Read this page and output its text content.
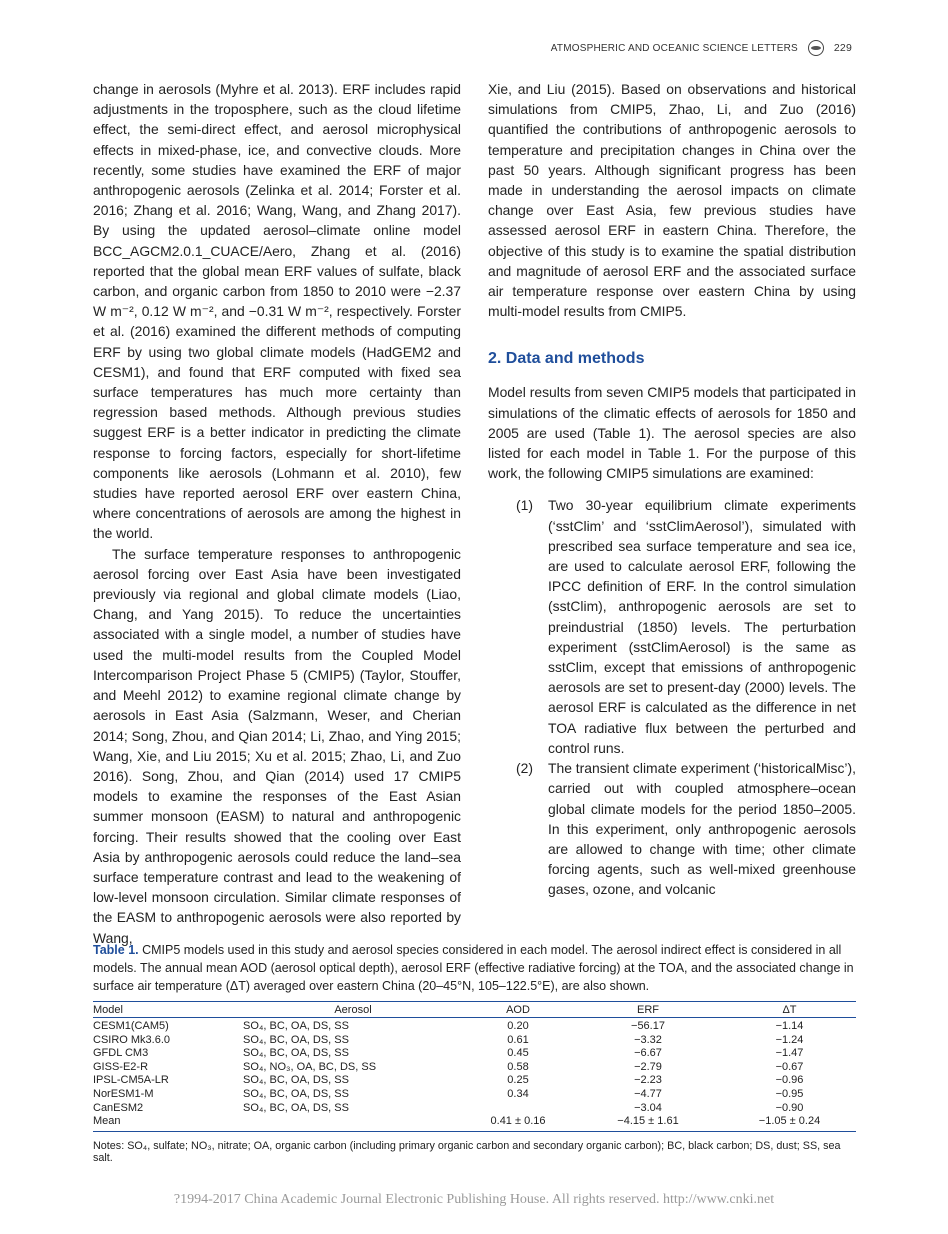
ATMOSPHERIC AND OCEANIC SCIENCE LETTERS	229

change in aerosols (Myhre et al. 2013). ERF includes rapid adjustments in the troposphere, such as the cloud lifetime effect, the semi-direct effect, and aerosol microphysical effects in mixed-phase, ice, and convective clouds. More recently, some studies have examined the ERF of major anthropogenic aerosols (Zelinka et al. 2014; Forster et al. 2016; Zhang et al. 2016; Wang, Wang, and Zhang 2017). By using the updated aerosol–climate online model BCC_AGCM2.0.1_CUACE/Aero, Zhang et al. (2016) reported that the global mean ERF values of sulfate, black carbon, and organic carbon from 1850 to 2010 were −2.37 W m⁻², 0.12 W m⁻², and −0.31 W m⁻², respectively. Forster et al. (2016) examined the different methods of computing ERF by using two global climate models (HadGEM2 and CESM1), and found that ERF computed with fixed sea surface temperatures has much more certainty than regression based methods. Although previous studies suggest ERF is a better indicator in predicting the climate response to forcing factors, especially for short-lifetime components like aerosols (Lohmann et al. 2010), few studies have reported aerosol ERF over eastern China, where concentrations of aerosols are among the highest in the world.

The surface temperature responses to anthropogenic aerosol forcing over East Asia have been investigated previously via regional and global climate models (Liao, Chang, and Yang 2015). To reduce the uncertainties associated with a single model, a number of studies have used the multi-model results from the Coupled Model Intercomparison Project Phase 5 (CMIP5) (Taylor, Stouffer, and Meehl 2012) to examine regional climate change by aerosols in East Asia (Salzmann, Weser, and Cherian 2014; Song, Zhou, and Qian 2014; Li, Zhao, and Ying 2015; Wang, Xie, and Liu 2015; Xu et al. 2015; Zhao, Li, and Zuo 2016). Song, Zhou, and Qian (2014) used 17 CMIP5 models to examine the responses of the East Asian summer monsoon (EASM) to natural and anthropogenic forcing. Their results showed that the cooling over East Asia by anthropogenic aerosols could reduce the land–sea surface temperature contrast and lead to the weakening of low-level monsoon circulation. Similar climate responses of the EASM to anthropogenic aerosols were also reported by Wang,

Xie, and Liu (2015). Based on observations and historical simulations from CMIP5, Zhao, Li, and Zuo (2016) quantified the contributions of anthropogenic aerosols to temperature and precipitation changes in China over the past 50 years. Although significant progress has been made in understanding the aerosol impacts on climate change over East Asia, few previous studies have assessed aerosol ERF in eastern China. Therefore, the objective of this study is to examine the spatial distribution and magnitude of aerosol ERF and the associated surface air temperature response over eastern China by using multi-model results from CMIP5.

2. Data and methods

Model results from seven CMIP5 models that participated in simulations of the climatic effects of aerosols for 1850 and 2005 are used (Table 1). The aerosol species are also listed for each model in Table 1. For the purpose of this work, the following CMIP5 simulations are examined:

(1) Two 30-year equilibrium climate experiments (‘sstClim’ and ‘sstClimAerosol’), simulated with prescribed sea surface temperature and sea ice, are used to calculate aerosol ERF, following the IPCC definition of ERF. In the control simulation (sstClim), anthropogenic aerosols are set to preindustrial (1850) levels. The perturbation experiment (sstClimAerosol) is the same as sstClim, except that emissions of anthropogenic aerosols are set to present-day (2000) levels. The aerosol ERF is calculated as the difference in net TOA radiative flux between the perturbed and control runs.
(2) The transient climate experiment (‘historicalMisc’), carried out with coupled atmosphere–ocean global climate models for the period 1850–2005. In this experiment, only anthropogenic aerosols are allowed to change with time; other climate forcing agents, such as well-mixed greenhouse gases, ozone, and volcanic
Table 1. CMIP5 models used in this study and aerosol species considered in each model. The aerosol indirect effect is considered in all models. The annual mean AOD (aerosol optical depth), aerosol ERF (effective radiative forcing) at the TOA, and the associated change in surface air temperature (ΔT) averaged over eastern China (20–45°N, 105–122.5°E), are also shown.
Model	Aerosol	AOD	ERF	ΔT
CESM1(CAM5)	SO₄, BC, OA, DS, SS	0.20	−56.17	−1.14
CSIRO Mk3.6.0	SO₄, BC, OA, DS, SS	0.61	−3.32	−1.24
GFDL CM3	SO₄, BC, OA, DS, SS	0.45	−6.67	−1.47
GISS-E2-R	SO₄, NO₃, OA, BC, DS, SS	0.58	−2.79	−0.67
IPSL-CM5A-LR	SO₄, BC, OA, DS, SS	0.25	−2.23	−0.96
NorESM1-M	SO₄, BC, OA, DS, SS	0.34	−4.77	−0.95
CanESM2	SO₄, BC, OA, DS, SS		−3.04	−0.90
Mean		0.41 ± 0.16	−4.15 ± 1.61	−1.05 ± 0.24
Notes: SO₄, sulfate; NO₃, nitrate; OA, organic carbon (including primary organic carbon and secondary organic carbon); BC, black carbon; DS, dust; SS, sea salt.
?1994-2017 China Academic Journal Electronic Publishing House. All rights reserved. http://www.cnki.net
